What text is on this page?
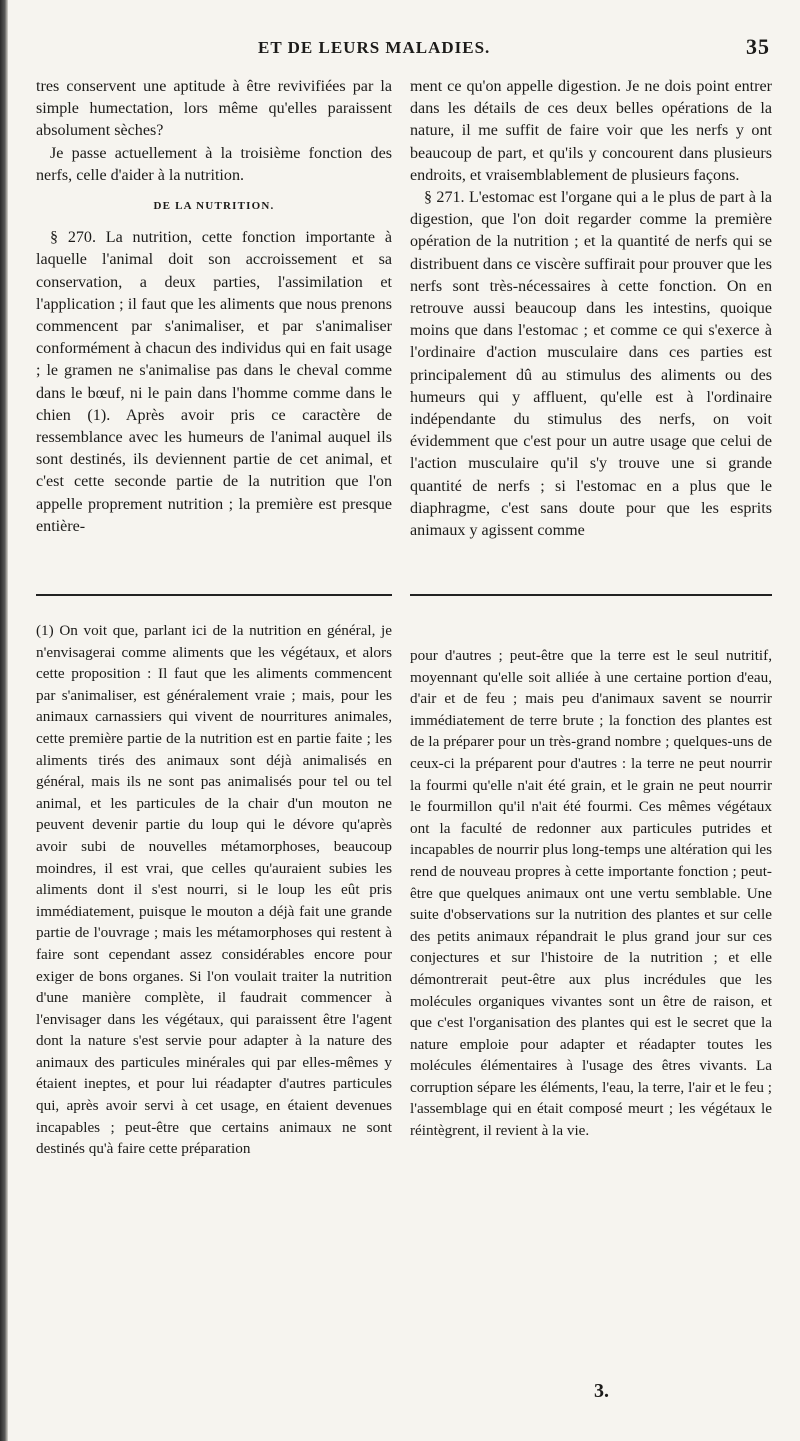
ET DE LEURS MALADIES.	35

tres conservent une aptitude à être revivifiées par la simple humectation, lors même qu'elles paraissent absolument sèches?

Je passe actuellement à la troisième fonction des nerfs, celle d'aider à la nutrition.

DE LA NUTRITION.

§ 270. La nutrition, cette fonction importante à laquelle l'animal doit son accroissement et sa conservation, a deux parties, l'assimilation et l'application ; il faut que les aliments que nous prenons commencent par s'animaliser, et par s'animaliser conformément à chacun des individus qui en fait usage ; le gramen ne s'animalise pas dans le cheval comme dans le bœuf, ni le pain dans l'homme comme dans le chien (1). Après avoir pris ce caractère de ressemblance avec les humeurs de l'animal auquel ils sont destinés, ils deviennent partie de cet animal, et c'est cette seconde partie de la nutrition que l'on appelle proprement nutrition ; la première est presque entière-

ment ce qu'on appelle digestion. Je ne dois point entrer dans les détails de ces deux belles opérations de la nature, il me suffit de faire voir que les nerfs y ont beaucoup de part, et qu'ils y concourent dans plusieurs endroits, et vraisemblablement de plusieurs façons.

§ 271. L'estomac est l'organe qui a le plus de part à la digestion, que l'on doit regarder comme la première opération de la nutrition ; et la quantité de nerfs qui se distribuent dans ce viscère suffirait pour prouver que les nerfs sont très-nécessaires à cette fonction. On en retrouve aussi beaucoup dans les intestins, quoique moins que dans l'estomac ; et comme ce qui s'exerce à l'ordinaire d'action musculaire dans ces parties est principalement dû au stimulus des aliments ou des humeurs qui y affluent, qu'elle est à l'ordinaire indépendante du stimulus des nerfs, on voit évidemment que c'est pour un autre usage que celui de l'action musculaire qu'il s'y trouve une si grande quantité de nerfs ; si l'estomac en a plus que le diaphragme, c'est sans doute pour que les esprits animaux y agissent comme

(1) On voit que, parlant ici de la nutrition en général, je n'envisagerai comme aliments que les végétaux, et alors cette proposition : Il faut que les aliments commencent par s'animaliser, est généralement vraie ; mais, pour les animaux carnassiers qui vivent de nourritures animales, cette première partie de la nutrition est en partie faite ; les aliments tirés des animaux sont déjà animalisés en général, mais ils ne sont pas animalisés pour tel ou tel animal, et les particules de la chair d'un mouton ne peuvent devenir partie du loup qui le dévore qu'après avoir subi de nouvelles métamorphoses, beaucoup moindres, il est vrai, que celles qu'auraient subies les aliments dont il s'est nourri, si le loup les eût pris immédiatement, puisque le mouton a déjà fait une grande partie de l'ouvrage ; mais les métamorphoses qui restent à faire sont cependant assez considérables encore pour exiger de bons organes. Si l'on voulait traiter la nutrition d'une manière complète, il faudrait commencer à l'envisager dans les végétaux, qui paraissent être l'agent dont la nature s'est servie pour adapter à la nature des animaux des particules minérales qui par elles-mêmes y étaient ineptes, et pour lui réadapter d'autres particules qui, après avoir servi à cet usage, en étaient devenues incapables ; peut-être que certains animaux ne sont destinés qu'à faire cette préparation

pour d'autres ; peut-être que la terre est le seul nutritif, moyennant qu'elle soit alliée à une certaine portion d'eau, d'air et de feu ; mais peu d'animaux savent se nourrir immédiatement de terre brute ; la fonction des plantes est de la préparer pour un très-grand nombre ; quelques-uns de ceux-ci la préparent pour d'autres : la terre ne peut nourrir la fourmi qu'elle n'ait été grain, et le grain ne peut nourrir le fourmillon qu'il n'ait été fourmi. Ces mêmes végétaux ont la faculté de redonner aux particules putrides et incapables de nourrir plus long-temps une altération qui les rend de nouveau propres à cette importante fonction ; peut-être que quelques animaux ont une vertu semblable. Une suite d'observations sur la nutrition des plantes et sur celle des petits animaux répandrait le plus grand jour sur ces conjectures et sur l'histoire de la nutrition ; et elle démontrerait peut-être aux plus incrédules que les molécules organiques vivantes sont un être de raison, et que c'est l'organisation des plantes qui est le secret que la nature emploie pour adapter et réadapter toutes les molécules élémentaires à l'usage des êtres vivants. La corruption sépare les éléments, l'eau, la terre, l'air et le feu ; l'assemblage qui en était composé meurt ; les végétaux le réintègrent, il revient à la vie.

3.
